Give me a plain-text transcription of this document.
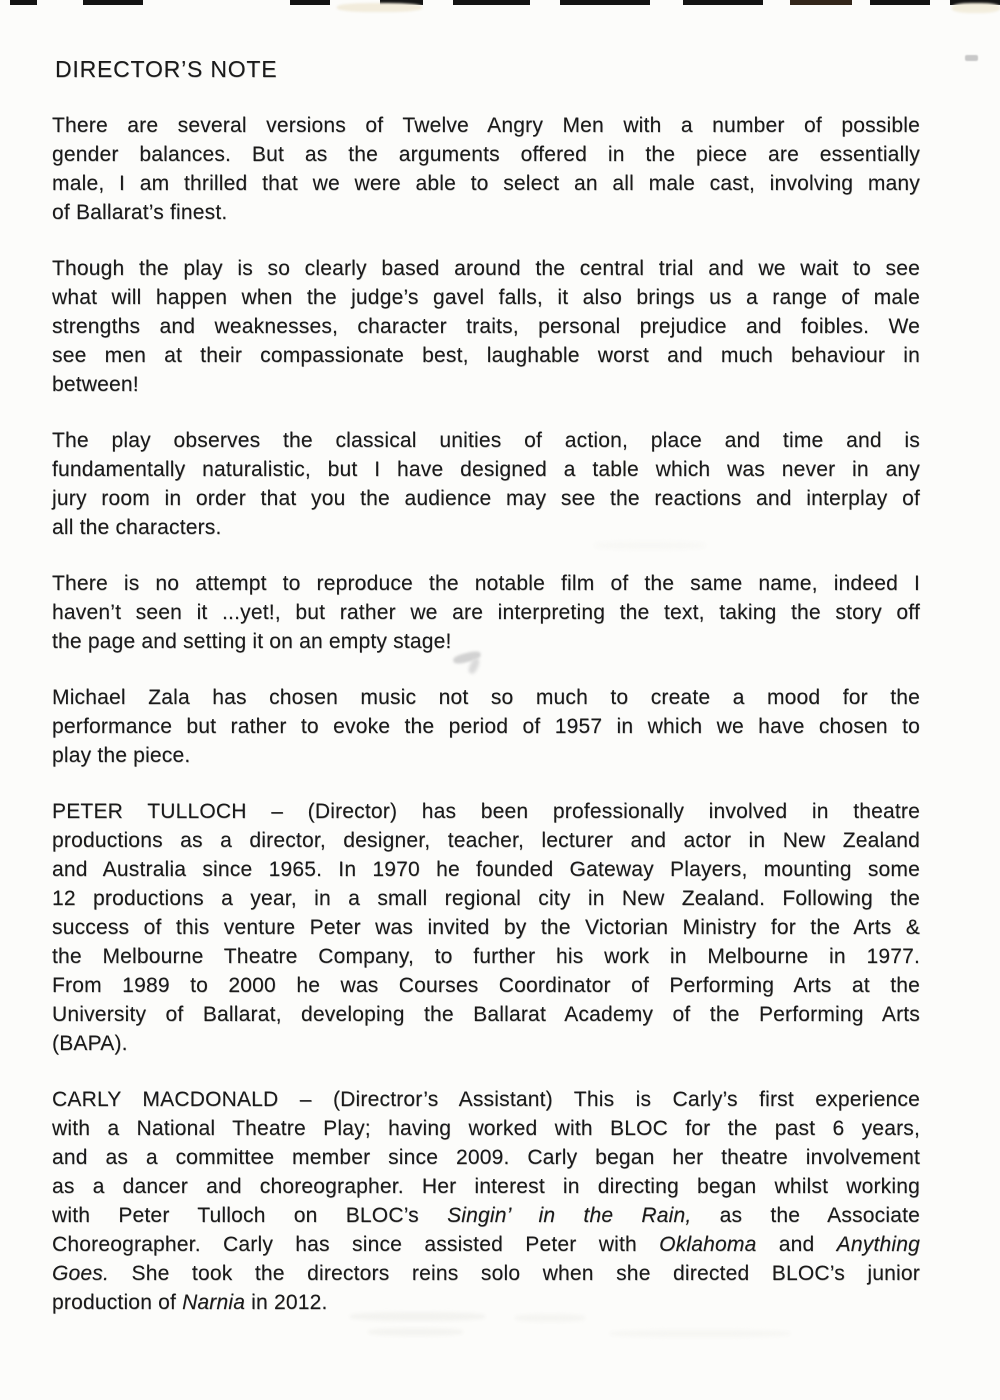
DIRECTOR’S NOTE
There are several versions of Twelve Angry Men with a number of possible
gender balances. But as the arguments offered in the piece are essentially
male, I am thrilled that we were able to select an all male cast, involving many
of Ballarat’s finest.
Though the play is so clearly based around the central trial and we wait to see
what will happen when the judge’s gavel falls, it also brings us a range of male
strengths and weaknesses, character traits, personal prejudice and foibles. We
see men at their compassionate best, laughable worst and much behaviour in
between!
The play observes the classical unities of action, place and time and is
fundamentally naturalistic, but I have designed a table which was never in any
jury room in order that you the audience may see the reactions and interplay of
all the characters.
There is no attempt to reproduce the notable film of the same name, indeed I
haven’t seen it ...yet!, but rather we are interpreting the text, taking the story off
the page and setting it on an empty stage!
Michael Zala has chosen music not so much to create a mood for the
performance but rather to evoke the period of 1957 in which we have chosen to
play the piece.
PETER TULLOCH – (Director) has been professionally involved in theatre
productions as a director, designer, teacher, lecturer and actor in New Zealand
and Australia since 1965. In 1970 he founded Gateway Players, mounting some
12 productions a year, in a small regional city in New Zealand. Following the
success of this venture Peter was invited by the Victorian Ministry for the Arts &
the Melbourne Theatre Company, to further his work in Melbourne in 1977.
From 1989 to 2000 he was Courses Coordinator of Performing Arts at the
University of Ballarat, developing the Ballarat Academy of the Performing Arts
(BAPA).
CARLY MACDONALD – (Directror’s Assistant) This is Carly’s first experience
with a National Theatre Play; having worked with BLOC for the past 6 years,
and as a committee member since 2009. Carly began her theatre involvement
as a dancer and choreographer. Her interest in directing began whilst working
with Peter Tulloch on BLOC’s Singin’ in the Rain, as the Associate
Choreographer. Carly has since assisted Peter with Oklahoma and Anything
Goes. She took the directors reins solo when she directed BLOC’s junior
production of Narnia in 2012.
